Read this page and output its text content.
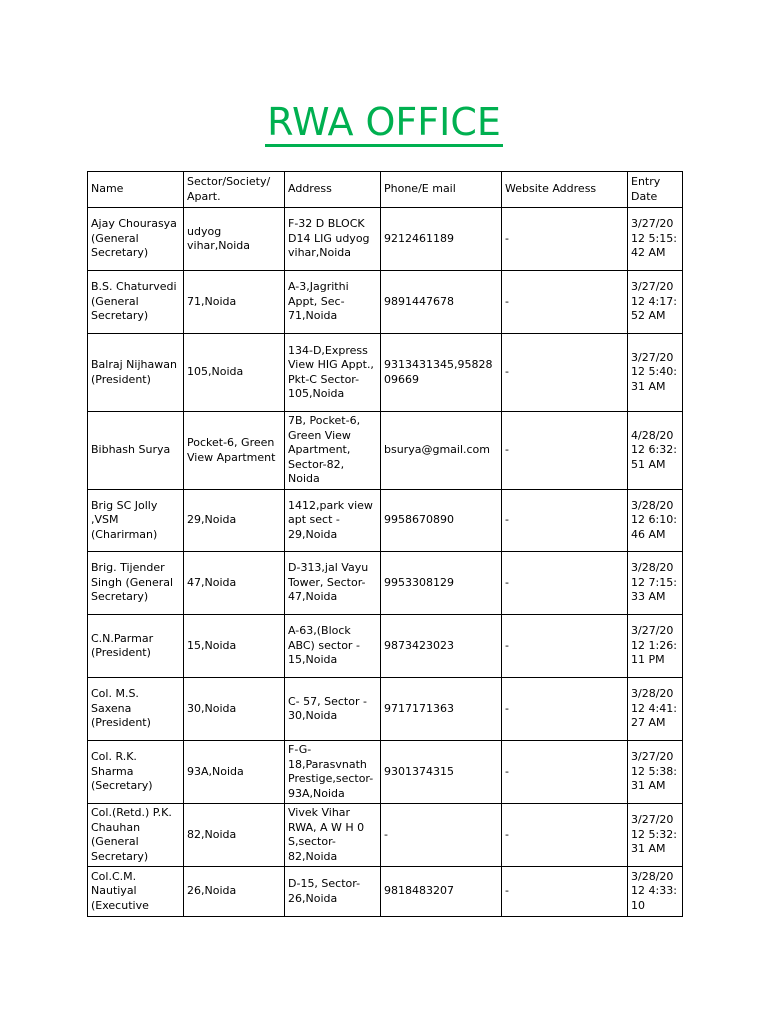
RWA OFFICE
Name	Sector/Society/ Apart.	Address	Phone/E mail	Website Address	Entry Date
Ajay Chourasya (General Secretary)	udyog vihar,Noida	F-32 D BLOCK D14 LIG udyog vihar,Noida	9212461189	-	3/27/2012 5:15:42 AM
B.S. Chaturvedi (General Secretary)	71,Noida	A-3,Jagrithi Appt, Sec-71,Noida	9891447678	-	3/27/2012 4:17:52 AM
Balraj Nijhawan (President)	105,Noida	134-D,Express View HIG Appt., Pkt-C Sector-105,Noida	9313431345,9582809669	-	3/27/2012 5:40:31 AM
Bibhash Surya	Pocket-6, Green View Apartment	7B, Pocket-6, Green View Apartment, Sector-82, Noida	bsurya@gmail.com	-	4/28/2012 6:32:51 AM
Brig SC Jolly ,VSM (Charirman)	29,Noida	1412,park view apt sect - 29,Noida	9958670890	-	3/28/2012 6:10:46 AM
Brig. Tijender Singh (General Secretary)	47,Noida	D-313,jal Vayu Tower, Sector-47,Noida	9953308129	-	3/28/2012 7:15:33 AM
C.N.Parmar (President)	15,Noida	A-63,(Block ABC) sector - 15,Noida	9873423023	-	3/27/2012 1:26:11 PM
Col. M.S. Saxena (President)	30,Noida	C- 57, Sector - 30,Noida	9717171363	-	3/28/2012 4:41:27 AM
Col. R.K. Sharma (Secretary)	93A,Noida	F-G-18,Parasvnath Prestige,sector-93A,Noida	9301374315	-	3/27/2012 5:38:31 AM
Col.(Retd.) P.K. Chauhan (General Secretary)	82,Noida	Vivek Vihar RWA, A W H 0 S,sector-82,Noida	-	-	3/27/2012 5:32:31 AM
Col.C.M. Nautiyal (Executive	26,Noida	D-15, Sector-26,Noida	9818483207	-	3/28/2012 4:33:10
